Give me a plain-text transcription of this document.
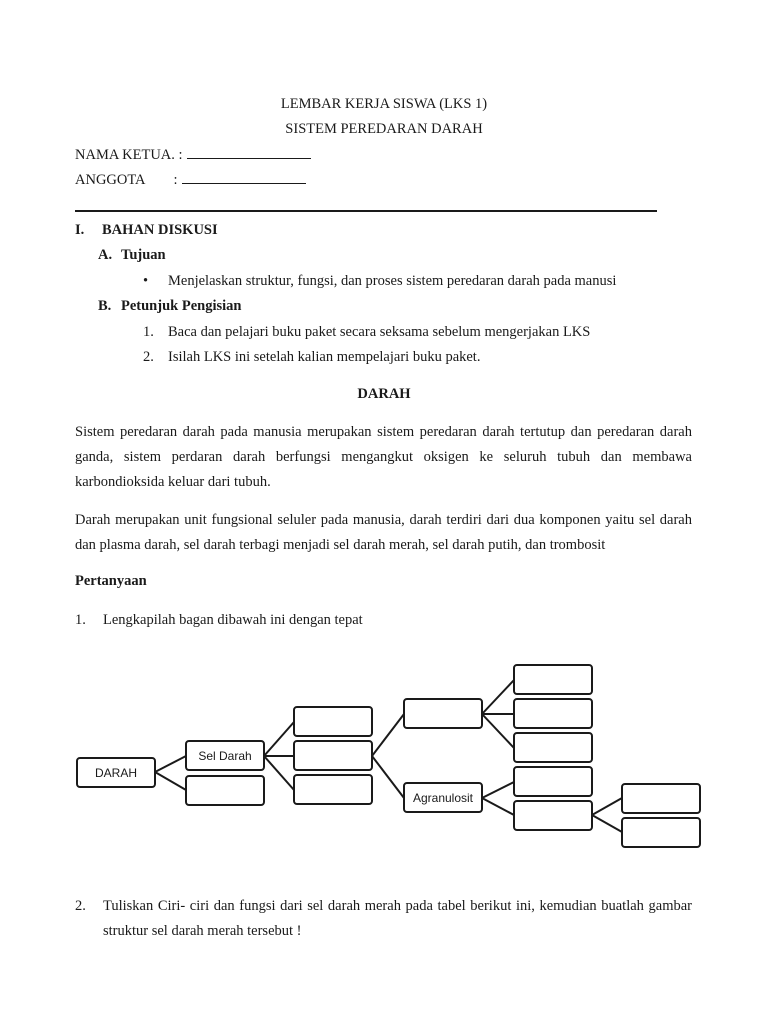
LEMBAR KERJA SISWA (LKS 1)
SISTEM PEREDARAN DARAH
NAMA KETUA. :
ANGGOTA :
I. BAHAN DISKUSI
A. Tujuan
• Menjelaskan struktur, fungsi, dan proses sistem peredaran darah pada manusi
B. Petunjuk Pengisian
1. Baca dan pelajari buku paket secara seksama sebelum mengerjakan LKS
2. Isilah LKS ini setelah kalian mempelajari buku paket.
DARAH
Sistem peredaran darah pada manusia merupakan sistem peredaran darah tertutup dan peredaran darah ganda, sistem perdaran darah berfungsi mengangkut oksigen ke seluruh tubuh dan membawa karbondioksida keluar dari tubuh.
Darah merupakan unit fungsional seluler pada manusia, darah terdiri dari dua komponen yaitu sel darah dan plasma darah, sel darah terbagi menjadi sel darah merah, sel darah putih, dan trombosit
Pertanyaan
1. Lengkapilah bagan dibawah ini dengan tepat
DARAH
Sel Darah
Agranulosit
2. Tuliskan Ciri- ciri dan fungsi dari sel darah merah pada tabel berikut ini, kemudian buatlah gambar struktur sel darah merah tersebut !
